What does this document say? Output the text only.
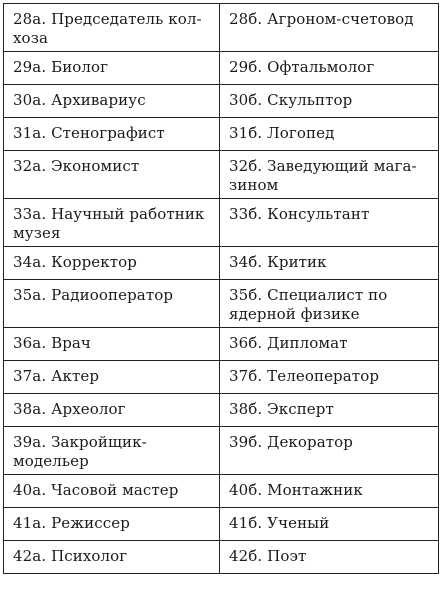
28а. Председатель кол-
хоза	28б. Агроном-счетовод
29а. Биолог	29б. Офтальмолог
30а. Архивариус	30б. Скульптор
31а. Стенографист	31б. Логопед
32а. Экономист	32б. Заведующий мага-
зином
33а. Научный работник
музея	33б. Консультант
34а. Корректор	34б. Критик
35а. Радиооператор	35б. Специалист по
ядерной физике
36а. Врач	36б. Дипломат
37а. Актер	37б. Телеоператор
38а. Археолог	38б. Эксперт
39а. Закройщик-
модельер	39б. Декоратор
40а. Часовой мастер	40б. Монтажник
41а. Режиссер	41б. Ученый
42а. Психолог	42б. Поэт
